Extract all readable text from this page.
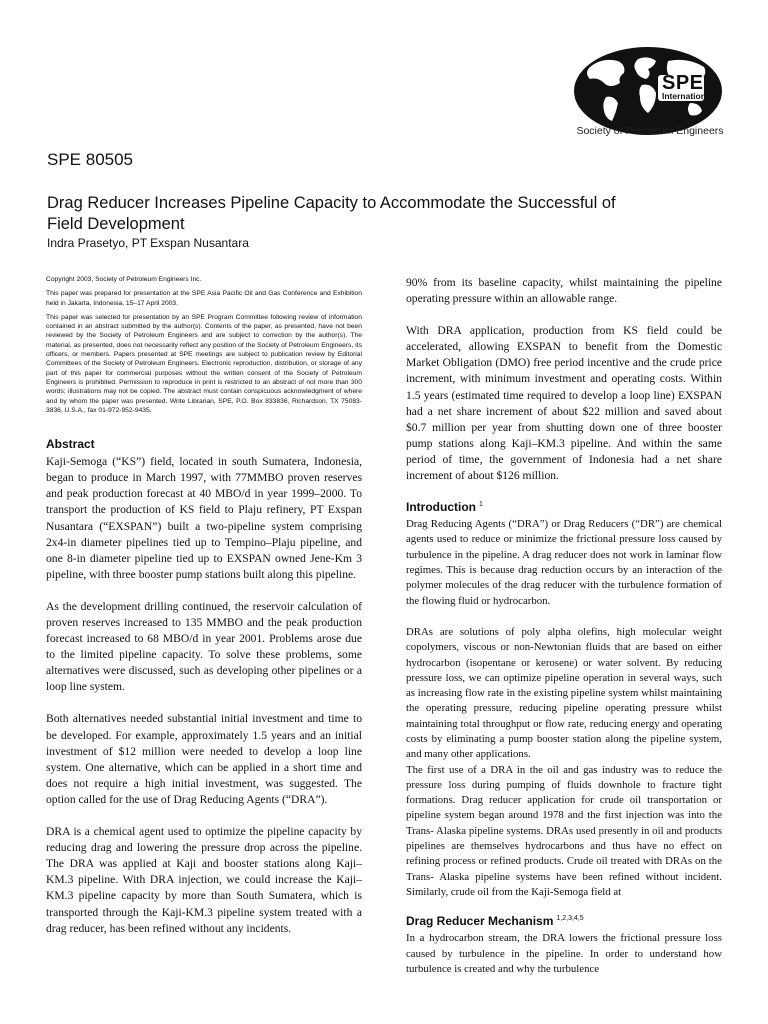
SPE
International
Society of Petroleum Engineers
SPE 80505
Drag Reducer Increases Pipeline Capacity to Accommodate the Successful of Field Development
Indra Prasetyo, PT Exspan Nusantara

Copyright 2003, Society of Petroleum Engineers Inc.

This paper was prepared for presentation at the SPE Asia Pacific Oil and Gas Conference and Exhibition held in Jakarta, Indonesia, 15–17 April 2003.

This paper was selected for presentation by an SPE Program Committee following review of information contained in an abstract submitted by the author(s). Contents of the paper, as presented, have not been reviewed by the Society of Petroleum Engineers and are subject to correction by the author(s). The material, as presented, does not necessarily reflect any position of the Society of Petroleum Engineers, its officers, or members. Papers presented at SPE meetings are subject to publication review by Editorial Committees of the Society of Petroleum Engineers. Electronic reproduction, distribution, or storage of any part of this paper for commercial purposes without the written consent of the Society of Petroleum Engineers is prohibited. Permission to reproduce in print is restricted to an abstract of not more than 300 words; illustrations may not be copied. The abstract must contain conspicuous acknowledgment of where and by whom the paper was presented. Write Librarian, SPE, P.O. Box 833836, Richardson, TX 75083-3836, U.S.A., fax 01-972-952-9435.

Abstract

Kaji-Semoga (“KS”) field, located in south Sumatera, Indonesia, began to produce in March 1997, with 77MMBO proven reserves and peak production forecast at 40 MBO/d in year 1999–2000. To transport the production of KS field to Plaju refinery, PT Exspan Nusantara (“EXSPAN”) built a two-pipeline system comprising 2x4-in diameter pipelines tied up to Tempino–Plaju pipeline, and one 8-in diameter pipeline tied up to EXSPAN owned Jene-Km 3 pipeline, with three booster pump stations built along this pipeline.

As the development drilling continued, the reservoir calculation of proven reserves increased to 135 MMBO and the peak production forecast increased to 68 MBO/d in year 2001. Problems arose due to the limited pipeline capacity. To solve these problems, some alternatives were discussed, such as developing other pipelines or a loop line system.

Both alternatives needed substantial initial investment and time to be developed. For example, approximately 1.5 years and an initial investment of $12 million were needed to develop a loop line system. One alternative, which can be applied in a short time and does not require a high initial investment, was suggested. The option called for the use of Drag Reducing Agents (“DRA”).

DRA is a chemical agent used to optimize the pipeline capacity by reducing drag and lowering the pressure drop across the pipeline. The DRA was applied at Kaji and booster stations along Kaji–KM.3 pipeline. With DRA injection, we could increase the Kaji–KM.3 pipeline capacity by more than South Sumatera, which is transported through the Kaji-KM.3 pipeline system treated with a drag reducer, has been refined without any incidents.

90% from its baseline capacity, whilst maintaining the pipeline operating pressure within an allowable range.

With DRA application, production from KS field could be accelerated, allowing EXSPAN to benefit from the Domestic Market Obligation (DMO) free period incentive and the crude price increment, with minimum investment and operating costs. Within 1.5 years (estimated time required to develop a loop line) EXSPAN had a net share increment of about $22 million and saved about $0.7 million per year from shutting down one of three booster pump stations along Kaji–KM.3 pipeline. And within the same period of time, the government of Indonesia had a net share increment of about $126 million.

Introduction $^1$

Drag Reducing Agents (“DRA”) or Drag Reducers (“DR”) are chemical agents used to reduce or minimize the frictional pressure loss caused by turbulence in the pipeline. A drag reducer does not work in laminar flow regimes. This is because drag reduction occurs by an interaction of the polymer molecules of the drag reducer with the turbulence formation of the flowing fluid or hydrocarbon.

DRAs are solutions of poly alpha olefins, high molecular weight copolymers, viscous or non-Newtonian fluids that are based on either hydrocarbon (isopentane or kerosene) or water solvent. By reducing pressure loss, we can optimize pipeline operation in several ways, such as increasing flow rate in the existing pipeline system whilst maintaining the operating pressure, reducing pipeline operating pressure whilst maintaining total throughput or flow rate, reducing energy and operating costs by eliminating a pump booster station along the pipeline system, and many other applications.

The first use of a DRA in the oil and gas industry was to reduce the pressure loss during pumping of fluids downhole to fracture tight formations. Drag reducer application for crude oil transportation or pipeline system began around 1978 and the first injection was into the Trans- Alaska pipeline systems. DRAs used presently in oil and products pipelines are themselves hydrocarbons and thus have no effect on refining process or refined products. Crude oil treated with DRAs on the Trans- Alaska pipeline systems have been refined without incident. Similarly, crude oil from the Kaji-Semoga field at

Drag Reducer Mechanism $^{1,2,3,4,5}$

In a hydrocarbon stream, the DRA lowers the frictional pressure loss caused by turbulence in the pipeline. In order to understand how turbulence is created and why the turbulence
